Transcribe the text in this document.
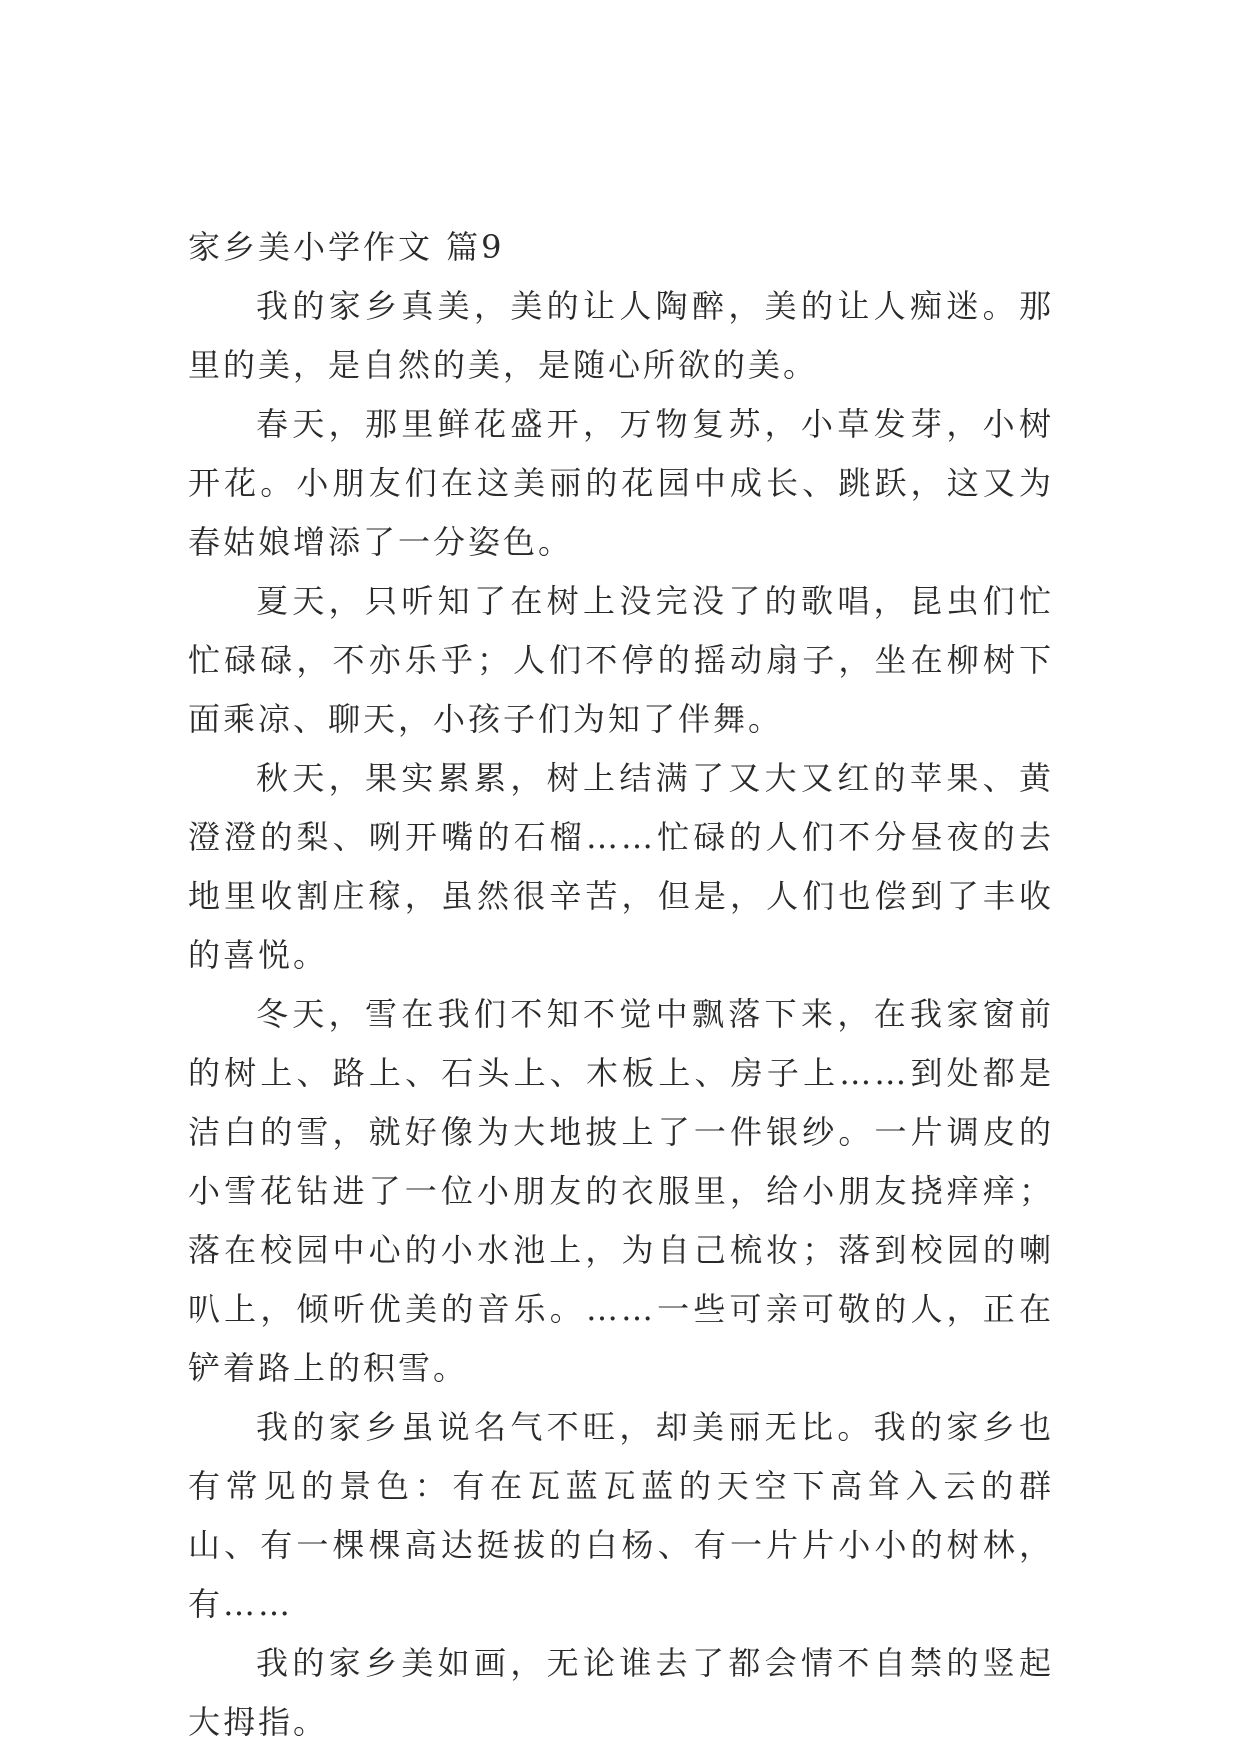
家乡美小学作文 篇9

我的家乡真美，美的让人陶醉，美的让人痴迷。那里的美，是自然的美，是随心所欲的美。

春天，那里鲜花盛开，万物复苏，小草发芽，小树开花。小朋友们在这美丽的花园中成长、跳跃，这又为春姑娘增添了一分姿色。

夏天，只听知了在树上没完没了的歌唱，昆虫们忙忙碌碌，不亦乐乎；人们不停的摇动扇子，坐在柳树下面乘凉、聊天，小孩子们为知了伴舞。

秋天，果实累累，树上结满了又大又红的苹果、黄澄澄的梨、咧开嘴的石榴……忙碌的人们不分昼夜的去地里收割庄稼，虽然很辛苦，但是，人们也偿到了丰收的喜悦。

冬天，雪在我们不知不觉中飘落下来，在我家窗前的树上、路上、石头上、木板上、房子上……到处都是洁白的雪，就好像为大地披上了一件银纱。一片调皮的小雪花钻进了一位小朋友的衣服里，给小朋友挠痒痒；落在校园中心的小水池上，为自己梳妆；落到校园的喇叭上，倾听优美的音乐。……一些可亲可敬的人，正在铲着路上的积雪。

我的家乡虽说名气不旺，却美丽无比。我的家乡也有常见的景色：有在瓦蓝瓦蓝的天空下高耸入云的群山、有一棵棵高达挺拔的白杨、有一片片小小的树林，有……

我的家乡美如画，无论谁去了都会情不自禁的竖起大拇指。
